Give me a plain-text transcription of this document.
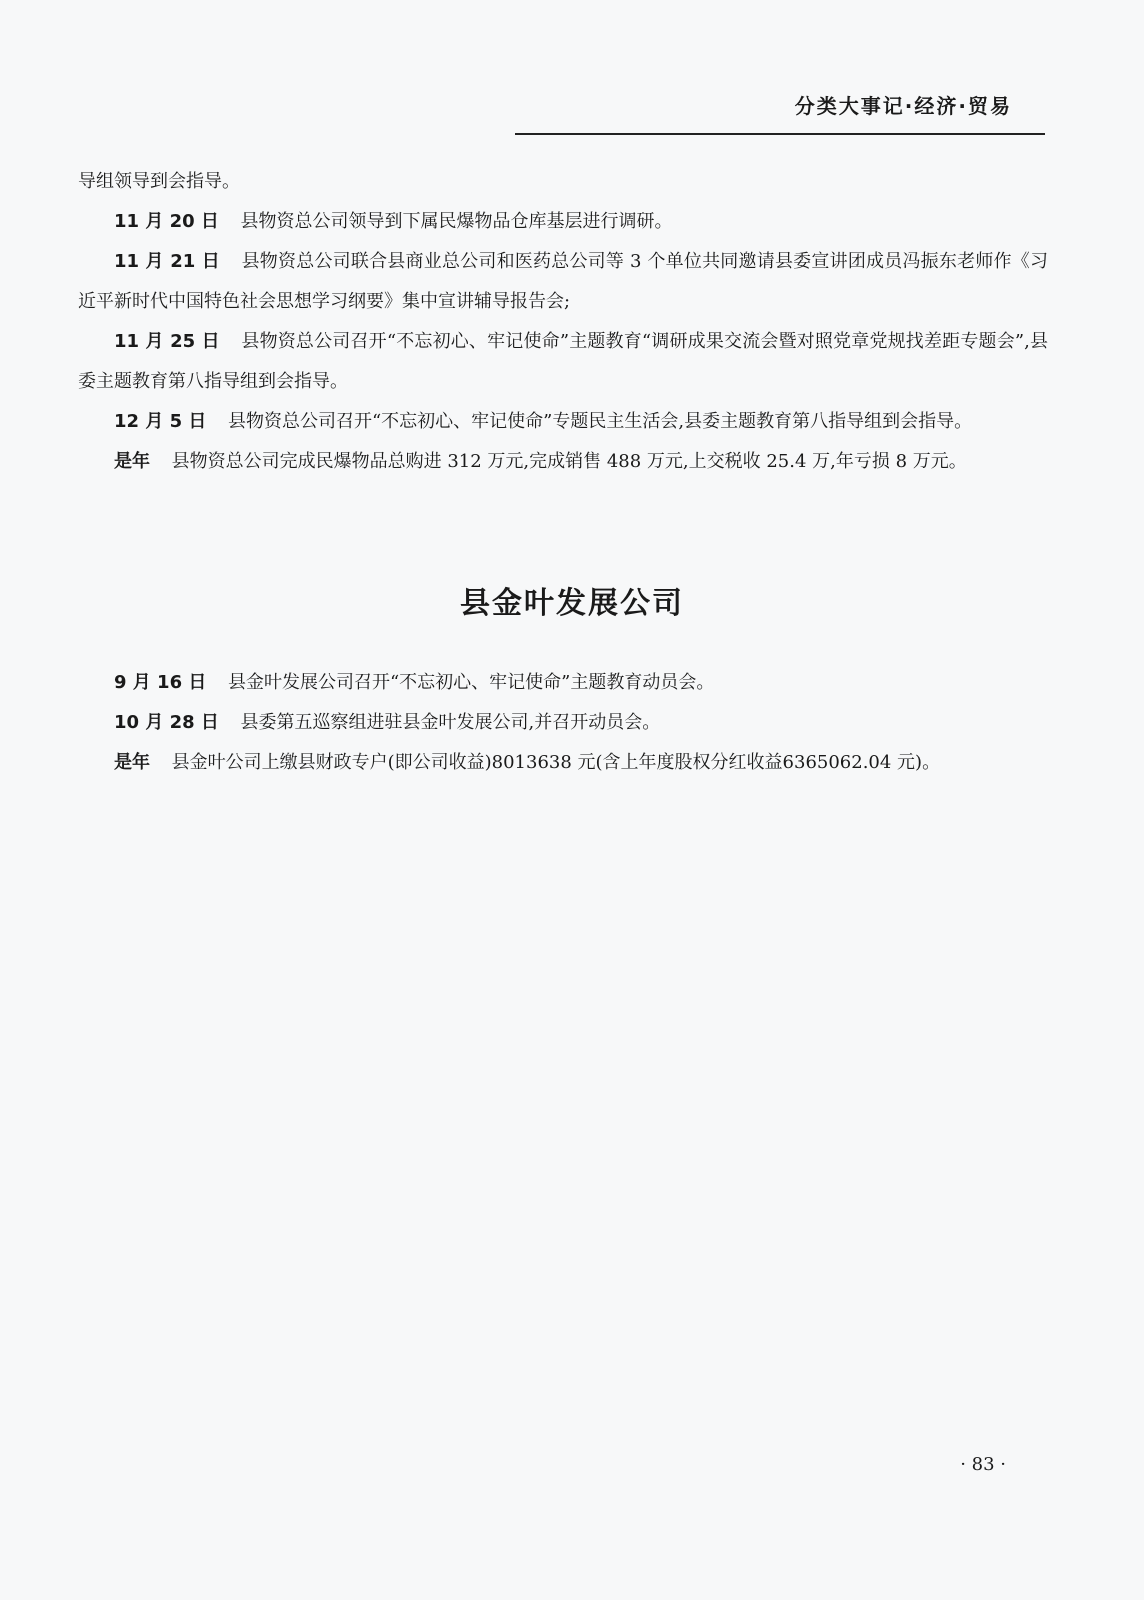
分类大事记·经济·贸易

导组领导到会指导。

11 月 20 日 县物资总公司领导到下属民爆物品仓库基层进行调研。

11 月 21 日 县物资总公司联合县商业总公司和医药总公司等 3 个单位共同邀请县委宣讲团成员冯振东老师作《习近平新时代中国特色社会思想学习纲要》集中宣讲辅导报告会;

11 月 25 日 县物资总公司召开“不忘初心、牢记使命”主题教育“调研成果交流会暨对照党章党规找差距专题会”,县委主题教育第八指导组到会指导。

12 月 5 日 县物资总公司召开“不忘初心、牢记使命”专题民主生活会,县委主题教育第八指导组到会指导。

是年 县物资总公司完成民爆物品总购进 312 万元,完成销售 488 万元,上交税收 25.4 万,年亏损 8 万元。

县金叶发展公司

9 月 16 日 县金叶发展公司召开“不忘初心、牢记使命”主题教育动员会。

10 月 28 日 县委第五巡察组进驻县金叶发展公司,并召开动员会。

是年 县金叶公司上缴县财政专户(即公司收益)8013638 元(含上年度股权分红收益6365062.04 元)。

· 83 ·
